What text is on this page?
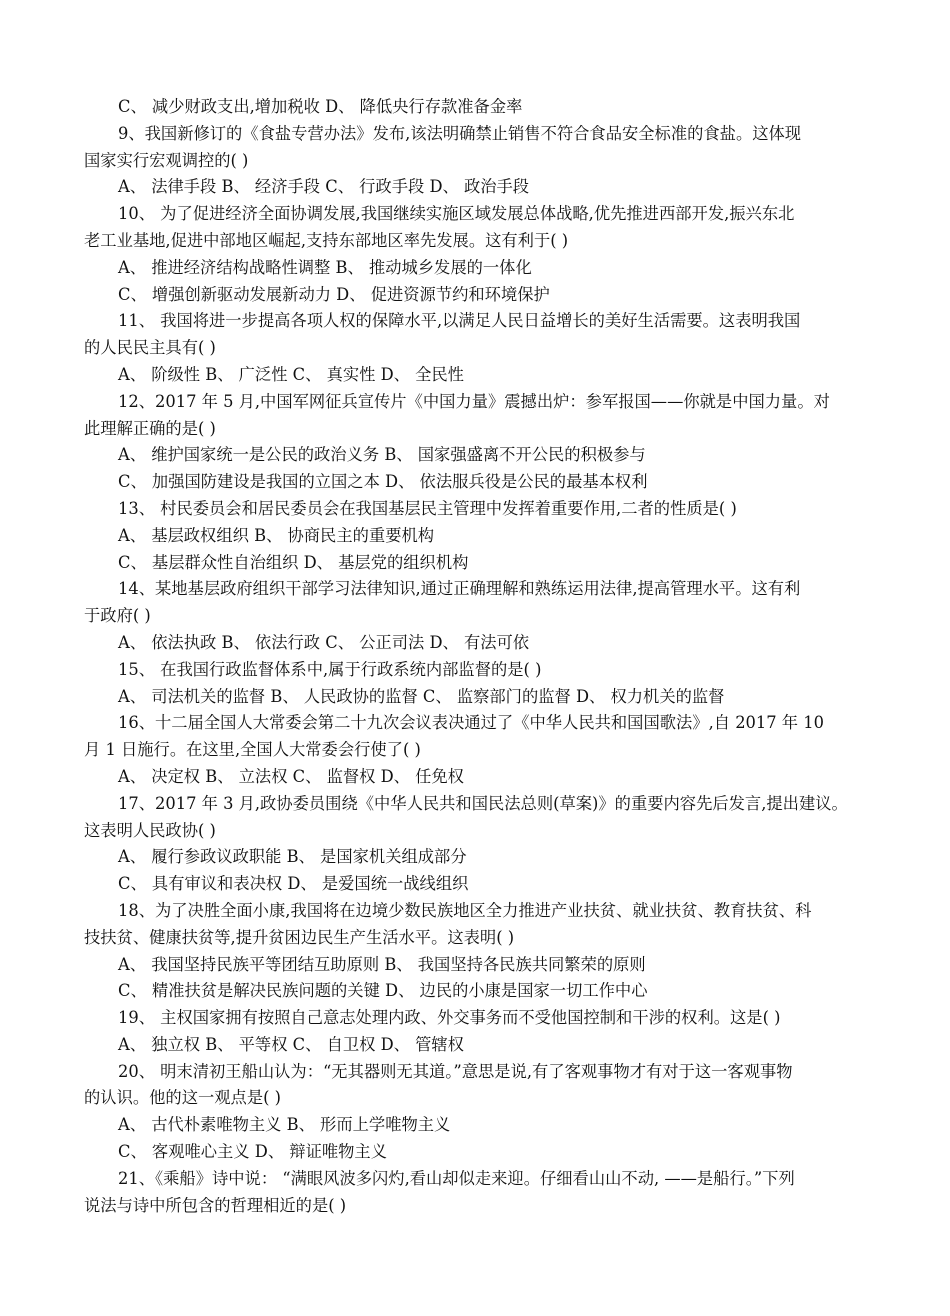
C、 减少财政支出,增加税收 D、 降低央行存款准备金率
9、我国新修订的《食盐专营办法》发布,该法明确禁止销售不符合食品安全标准的食盐。这体现
国家实行宏观调控的( )
A、 法律手段 B、 经济手段 C、 行政手段 D、 政治手段
10、 为了促进经济全面协调发展,我国继续实施区域发展总体战略,优先推进西部开发,振兴东北
老工业基地,促进中部地区崛起,支持东部地区率先发展。这有利于( )
A、 推进经济结构战略性调整 B、 推动城乡发展的一体化
C、 增强创新驱动发展新动力 D、 促进资源节约和环境保护
11、 我国将进一步提高各项人权的保障水平,以满足人民日益增长的美好生活需要。这表明我国
的人民民主具有( )
A、 阶级性 B、 广泛性 C、 真实性 D、 全民性
12、2017 年 5 月,中国军网征兵宣传片《中国力量》震撼出炉：参军报国——你就是中国力量。对
此理解正确的是( )
A、 维护国家统一是公民的政治义务 B、 国家强盛离不开公民的积极参与
C、 加强国防建设是我国的立国之本 D、 依法服兵役是公民的最基本权利
13、 村民委员会和居民委员会在我国基层民主管理中发挥着重要作用,二者的性质是( )
A、 基层政权组织 B、 协商民主的重要机构
C、 基层群众性自治组织 D、 基层党的组织机构
14、某地基层政府组织干部学习法律知识,通过正确理解和熟练运用法律,提高管理水平。这有利
于政府( )
A、 依法执政 B、 依法行政 C、 公正司法 D、 有法可依
15、 在我国行政监督体系中,属于行政系统内部监督的是( )
A、 司法机关的监督 B、 人民政协的监督 C、 监察部门的监督 D、 权力机关的监督
16、十二届全国人大常委会第二十九次会议表决通过了《中华人民共和国国歌法》,自 2017 年 10
月 1 日施行。在这里,全国人大常委会行使了( )
A、 决定权 B、 立法权 C、 监督权 D、 任免权
17、2017 年 3 月,政协委员围绕《中华人民共和国民法总则(草案)》的重要内容先后发言,提出建议。
这表明人民政协( )
A、 履行参政议政职能 B、 是国家机关组成部分
C、 具有审议和表决权 D、 是爱国统一战线组织
18、为了决胜全面小康,我国将在边境少数民族地区全力推进产业扶贫、就业扶贫、教育扶贫、科
技扶贫、健康扶贫等,提升贫困边民生产生活水平。这表明( )
A、 我国坚持民族平等团结互助原则 B、 我国坚持各民族共同繁荣的原则
C、 精准扶贫是解决民族问题的关键 D、 边民的小康是国家一切工作中心
19、 主权国家拥有按照自己意志处理内政、外交事务而不受他国控制和干涉的权利。这是( )
A、 独立权 B、 平等权 C、 自卫权 D、 管辖权
20、 明末清初王船山认为：“无其器则无其道。”意思是说,有了客观事物才有对于这一客观事物
的认识。他的这一观点是( )
A、 古代朴素唯物主义 B、 形而上学唯物主义
C、 客观唯心主义 D、 辩证唯物主义
21、《乘船》诗中说： “满眼风波多闪灼,看山却似走来迎。仔细看山山不动, ——是船行。”下列
说法与诗中所包含的哲理相近的是( )
